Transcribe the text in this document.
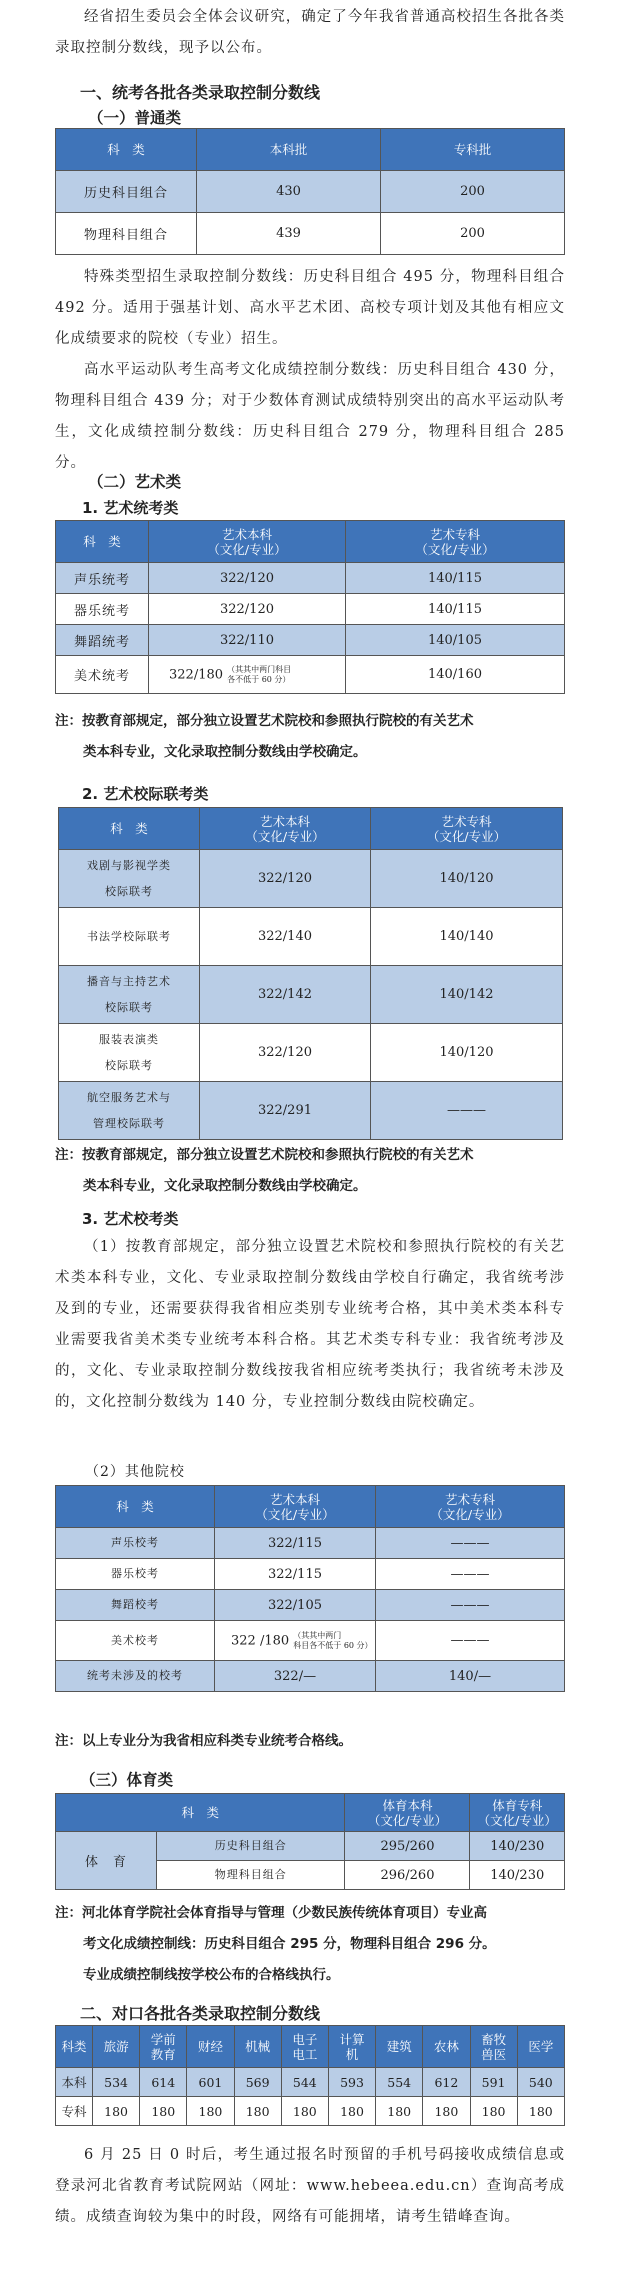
经省招生委员会全体会议研究，确定了今年我省普通高校招生各批各类录取控制分数线，现予以公布。
一、统考各批各类录取控制分数线
（一）普通类
科　类	本科批	专科批
历史科目组合	430	200
物理科目组合	439	200
特殊类型招生录取控制分数线：历史科目组合 495 分，物理科目组合 492 分。适用于强基计划、高水平艺术团、高校专项计划及其他有相应文化成绩要求的院校（专业）招生。
高水平运动队考生高考文化成绩控制分数线：历史科目组合 430 分，物理科目组合 439 分；对于少数体育测试成绩特别突出的高水平运动队考生，文化成绩控制分数线：历史科目组合 279 分，物理科目组合 285 分。
（二）艺术类
1. 艺术统考类
科　类	艺术本科
（文化/专业）	艺术专科
（文化/专业）
声乐统考	322/120	140/115
器乐统考	322/120	140/115
舞蹈统考	322/110	140/105
美术统考	322/180 （其其中两门科目
各不低于 60 分）	140/160
注：按教育部规定，部分独立设置艺术院校和参照执行院校的有关艺术
类本科专业，文化录取控制分数线由学校确定。
2. 艺术校际联考类
科　类	艺术本科
（文化/专业）	艺术专科
（文化/专业）
戏剧与影视学类
校际联考	322/120	140/120
书法学校际联考	322/140	140/140
播音与主持艺术
校际联考	322/142	140/142
服装表演类
校际联考	322/120	140/120
航空服务艺术与
管理校际联考	322/291	———
注：按教育部规定，部分独立设置艺术院校和参照执行院校的有关艺术
类本科专业，文化录取控制分数线由学校确定。
3. 艺术校考类
（1）按教育部规定，部分独立设置艺术院校和参照执行院校的有关艺术类本科专业，文化、专业录取控制分数线由学校自行确定，我省统考涉及到的专业，还需要获得我省相应类别专业统考合格，其中美术类本科专业需要我省美术类专业统考本科合格。其艺术类专科专业：我省统考涉及的，文化、专业录取控制分数线按我省相应统考类执行；我省统考未涉及的，文化控制分数线为 140 分，专业控制分数线由院校确定。
（2）其他院校
科　类	艺术本科
（文化/专业）	艺术专科
（文化/专业）
声乐校考	322/115	———
器乐校考	322/115	———
舞蹈校考	322/105	———
美术校考	322 /180 （其其中两门
科目各不低于 60 分）	———
统考未涉及的校考	322/—	140/—
注：以上专业分为我省相应科类专业统考合格线。
（三）体育类
科　类		体育本科
（文化/专业）	体育专科
（文化/专业）
体　育	历史科目组合	295/260	140/230
	物理科目组合	296/260	140/230
注：河北体育学院社会体育指导与管理（少数民族传统体育项目）专业高
考文化成绩控制线：历史科目组合 295 分，物理科目组合 296 分。
专业成绩控制线按学校公布的合格线执行。
二、对口各批各类录取控制分数线
科类	旅游	学前
教育	财经	机械	电子
电工	计算
机	建筑	农林	畜牧
兽医	医学
本科	534	614	601	569	544	593	554	612	591	540
专科	180	180	180	180	180	180	180	180	180	180
6 月 25 日 0 时后，考生通过报名时预留的手机号码接收成绩信息或登录河北省教育考试院网站（网址：www.hebeea.edu.cn）查询高考成绩。成绩查询较为集中的时段，网络有可能拥堵，请考生错峰查询。
